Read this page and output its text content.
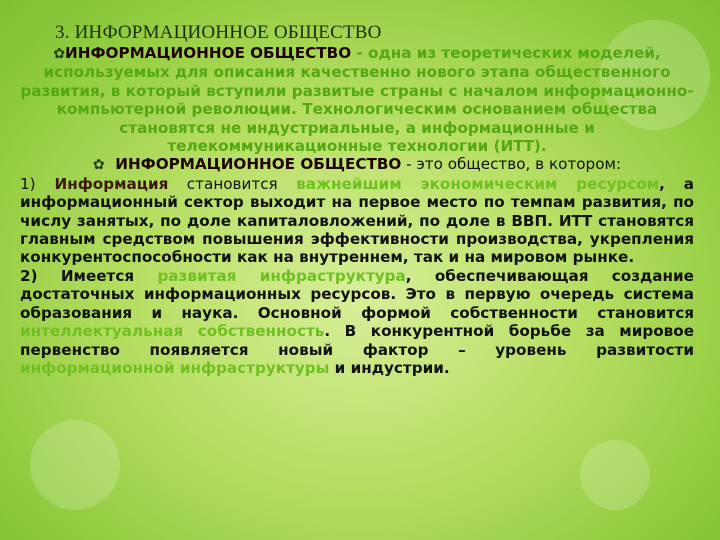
3. ИНФОРМАЦИОННОЕ ОБЩЕСТВО

✿ИНФОРМАЦИОННОЕ ОБЩЕСТВО - одна из теоретических моделей, используемых для описания качественно нового этапа общественного развития, в который вступили развитые страны с началом информационно-компьютерной революции. Технологическим основанием общества становятся не индустриальные, а информационные и телекоммуникационные технологии (ИТТ).

✿ ИНФОРМАЦИОННОЕ ОБЩЕСТВО - это общество, в котором:

1) Информация становится важнейшим экономическим ресурсом, а информационный сектор выходит на первое место по темпам развития, по числу занятых, по доле капиталовложений, по доле в ВВП. ИТТ становятся главным средством повышения эффективности производства, укрепления конкурентоспособности как на внутреннем, так и на мировом рынке.

2) Имеется развитая инфраструктура, обеспечивающая создание достаточных информационных ресурсов. Это в первую очередь система образования и наука. Основной формой собственности становится интеллектуальная собственность. В конкурентной борьбе за мировое первенство появляется новый фактор – уровень развитости информационной инфраструктуры и индустрии.
